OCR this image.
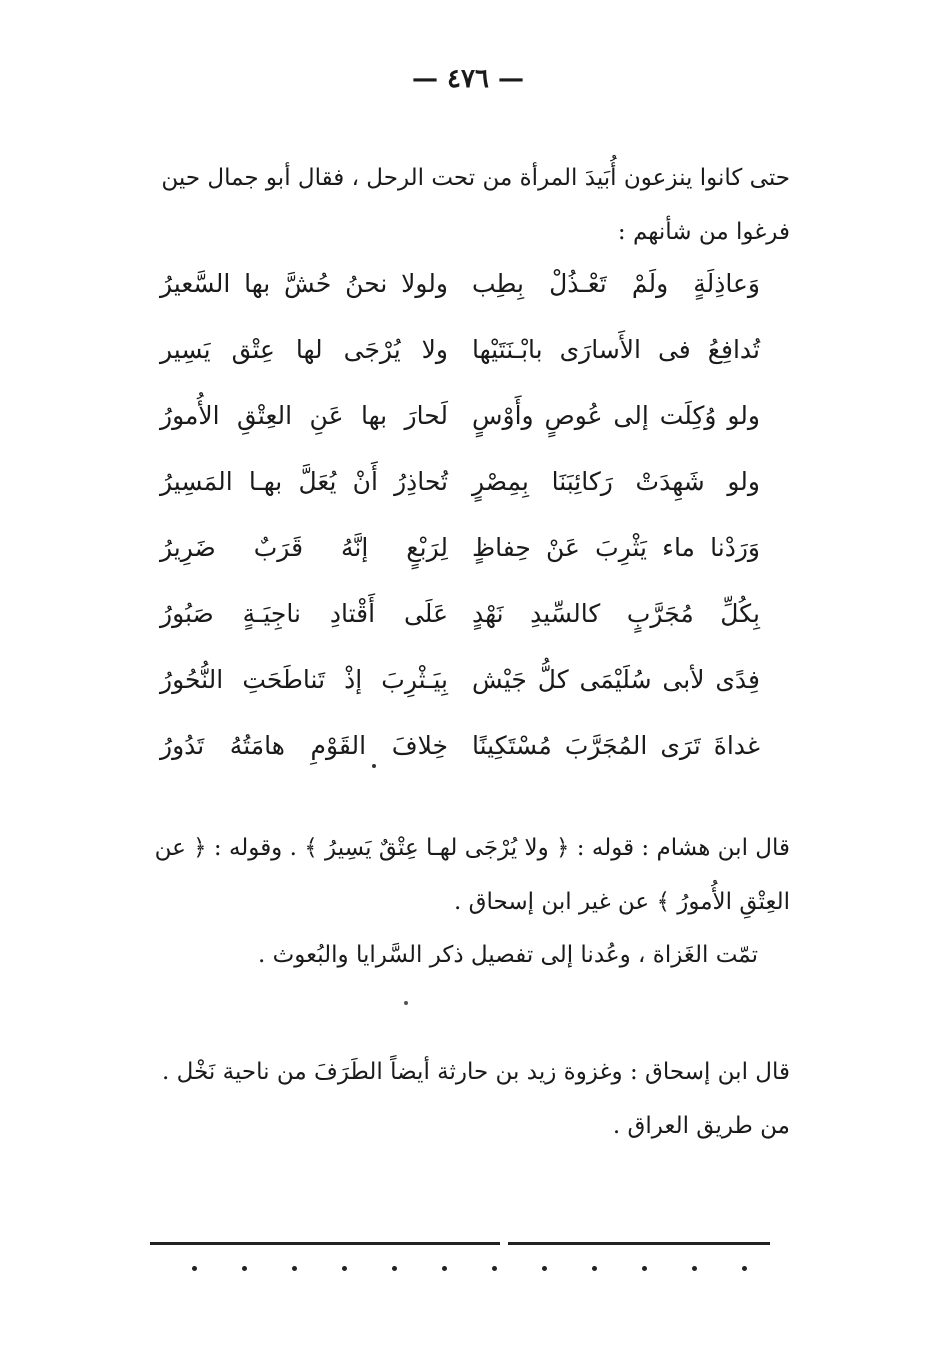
— ٤٧٦ —

حتى كانوا ينزعون أُبَيدَ المرأة من تحت الرحل ، فقال أبو جمال حين فرغوا من شأنهم :

وَعاذِلَةٍ ولَمْ تَعْـذُلْ بِطِب
ولولا نحنُ حُشَّ بها السَّعيرُ
تُدافِعُ فى الأَسارَى بابْـنَتَيْها
ولا يُرْجَى لها عِتْق يَسِير
ولو وُكِلَت إلى عُوصٍ وأَوْسٍ
لَحارَ بها عَنِ العِتْقِ الأُمورُ
ولو شَهِدَتْ رَكائِبَنَا بِمِصْرٍ
تُحاذِرُ أَنْ يُعَلَّ بهـا المَسِيرُ
وَرَدْنا ماء يَثْرِبَ عَنْ حِفاظٍ
لِرَبْعٍ إنَّهُ قَرَبٌ ضَرِيرُ
بِكُلِّ مُجَرَّبٍ كالسِّيدِ نَهْدٍ
عَلَى أَقْتادِ ناجِيَـةٍ صَبُورُ
فِدًى لأبى سُلَيْمَى كلُّ جَيْش
بِيَـثْرِبَ إذْ تَناطَحَتِ النُّحُورُ
غداةَ تَرَى المُجَرَّبَ مُسْتَكِينًا
خِلافَ القَوْمِ هامَتُهُ تَدُورُ

قال ابن هشام : قوله : ﴿ ولا يُرْجَى لهـا عِتْقٌ يَسِيرُ ﴾ . وقوله : ﴿ عن العِتْقِ الأُمورُ ﴾ عن غير ابن إسحاق .

تمّت الغَزاة ، وعُدنا إلى تفصيل ذكر السَّرايا والبُعوث .

قال ابن إسحاق : وغزوة زيد بن حارثة أيضاً الطَرَفَ من ناحية نَخْل . من طريق العراق .
